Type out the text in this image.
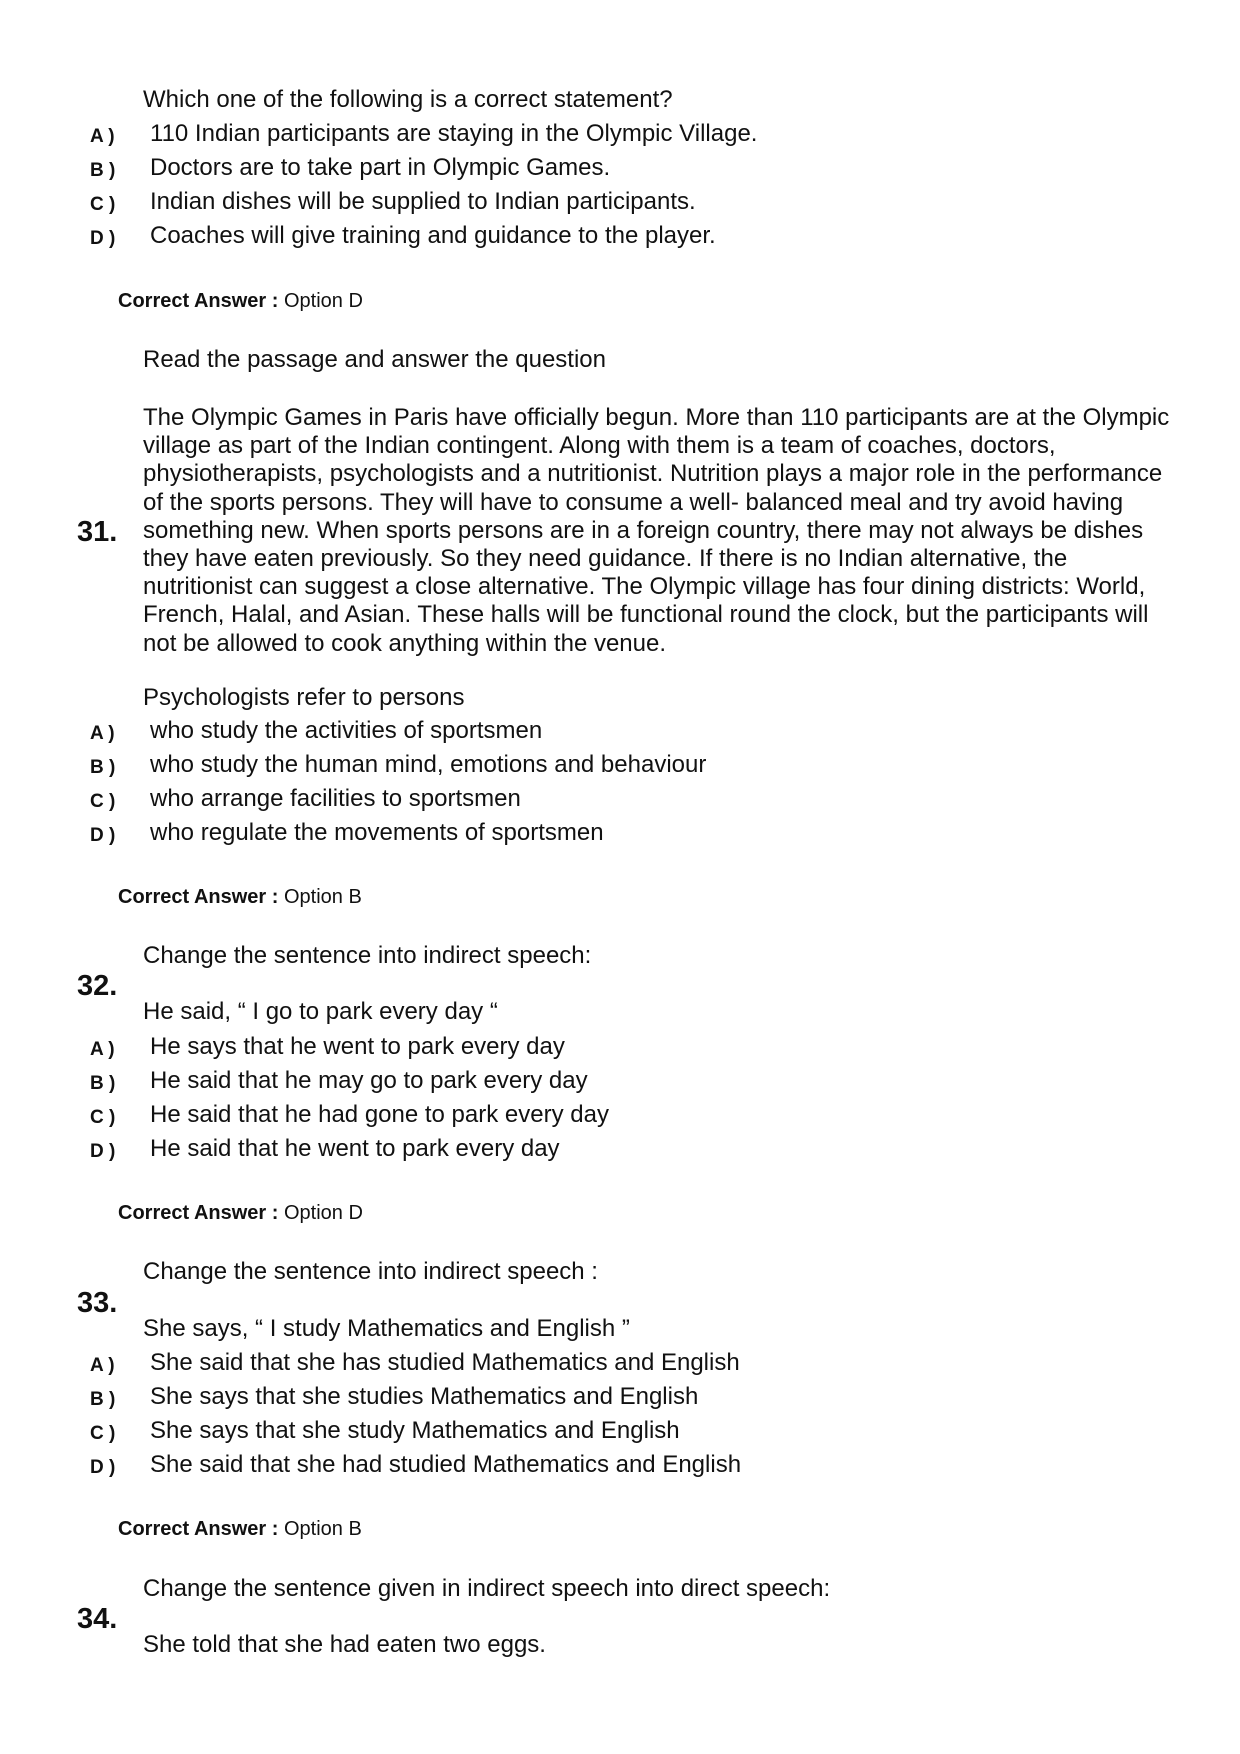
Which one of the following is a correct statement?
A ) 110 Indian participants are staying in the Olympic Village.
B ) Doctors are to take part in Olympic Games.
C ) Indian dishes will be supplied to Indian participants.
D ) Coaches will give training and guidance to the player.
Correct Answer : Option D
Read the passage and answer the question
The Olympic Games in Paris have officially begun. More than 110 participants are at the Olympic village as part of the Indian contingent. Along with them is a team of coaches, doctors, physiotherapists, psychologists and a nutritionist. Nutrition plays a major role in the performance of the sports persons. They will have to consume a well- balanced meal and try avoid having something new. When sports persons are in a foreign country, there may not always be dishes they have eaten previously. So they need guidance. If there is no Indian alternative, the nutritionist can suggest a close alternative. The Olympic village has four dining districts: World, French, Halal, and Asian. These halls will be functional round the clock, but the participants will not be allowed to cook anything within the venue.
31.
Psychologists refer to persons
A ) who study the activities of sportsmen
B ) who study the human mind, emotions and behaviour
C ) who arrange facilities to sportsmen
D ) who regulate the movements of sportsmen
Correct Answer : Option B
Change the sentence into indirect speech:
32.
He said, “ I go to park every day “
A ) He says that he went to park every day
B ) He said that he may go to park every day
C ) He said that he had gone to park every day
D ) He said that he went to park every day
Correct Answer : Option D
Change the sentence into indirect speech :
33.
She says, “ I study Mathematics and English ”
A ) She said that she has studied Mathematics and English
B ) She says that she studies Mathematics and English
C ) She says that she study Mathematics and English
D ) She said that she had studied Mathematics and English
Correct Answer : Option B
Change the sentence given in indirect speech into direct speech:
34.
She told that she had eaten two eggs.
